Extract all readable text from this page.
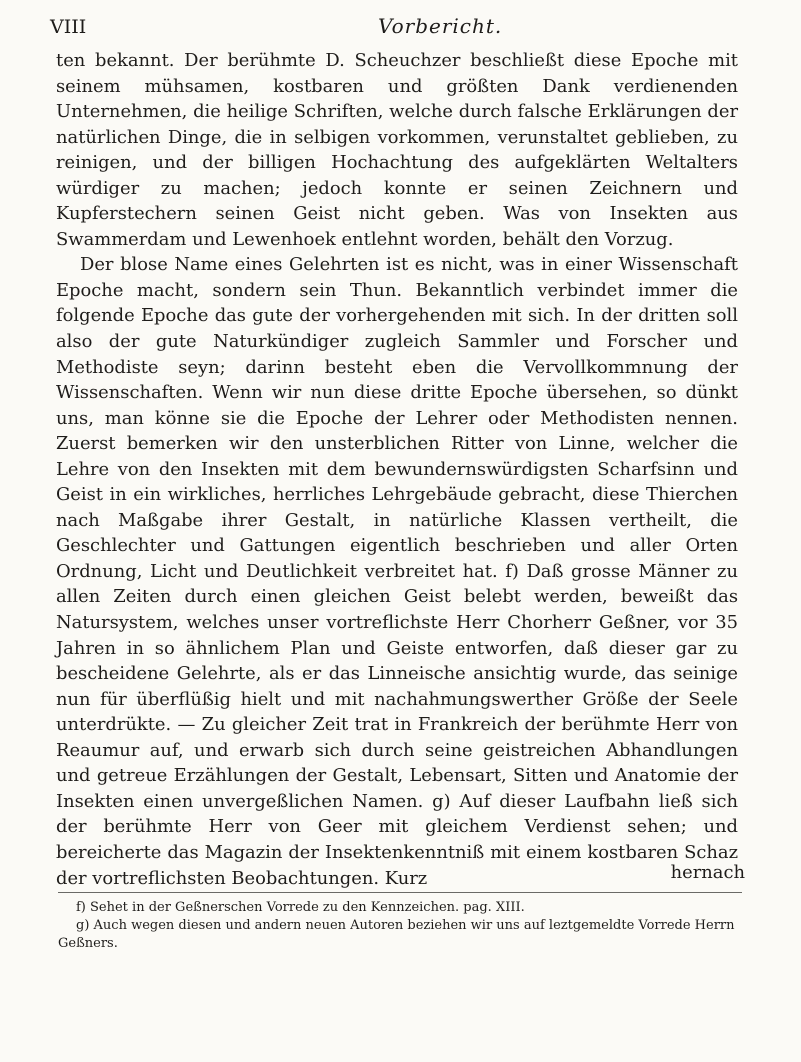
VIII	Vorbericht.

ten bekannt. Der berühmte D. Scheuchzer beschließt diese Epoche mit seinem mühsamen, kostbaren und größten Dank verdienenden Unternehmen, die heilige Schriften, welche durch falsche Erklärungen der natürlichen Dinge, die in selbigen vorkommen, verunstaltet geblieben, zu reinigen, und der billigen Hochachtung des aufgeklärten Weltalters würdiger zu machen; jedoch konnte er seinen Zeichnern und Kupferstechern seinen Geist nicht geben. Was von Insekten aus Swammerdam und Lewenhoek entlehnt worden, behält den Vorzug.

Der blose Name eines Gelehrten ist es nicht, was in einer Wissenschaft Epoche macht, sondern sein Thun. Bekanntlich verbindet immer die folgende Epoche das gute der vorhergehenden mit sich. In der dritten soll also der gute Naturkündiger zugleich Sammler und Forscher und Methodiste seyn; darinn besteht eben die Vervollkommnung der Wissenschaften. Wenn wir nun diese dritte Epoche übersehen, so dünkt uns, man könne sie die Epoche der Lehrer oder Methodisten nennen. Zuerst bemerken wir den unsterblichen Ritter von Linne, welcher die Lehre von den Insekten mit dem bewundernswürdigsten Scharfsinn und Geist in ein wirkliches, herrliches Lehrgebäude gebracht, diese Thierchen nach Maßgabe ihrer Gestalt, in natürliche Klassen vertheilt, die Geschlechter und Gattungen eigentlich beschrieben und aller Orten Ordnung, Licht und Deutlichkeit verbreitet hat. f) Daß grosse Männer zu allen Zeiten durch einen gleichen Geist belebt werden, beweißt das Natursystem, welches unser vortreflichste Herr Chorherr Geßner, vor 35 Jahren in so ähnlichem Plan und Geiste entworfen, daß dieser gar zu bescheidene Gelehrte, als er das Linneische ansichtig wurde, das seinige nun für überflüßig hielt und mit nachahmungswerther Größe der Seele unterdrükte. — Zu gleicher Zeit trat in Frankreich der berühmte Herr von Reaumur auf, und erwarb sich durch seine geistreichen Abhandlungen und getreue Erzählungen der Gestalt, Lebensart, Sitten und Anatomie der Insekten einen unvergeßlichen Namen. g) Auf dieser Laufbahn ließ sich der berühmte Herr von Geer mit gleichem Verdienst sehen; und bereicherte das Magazin der Insektenkenntniß mit einem kostbaren Schaz der vortreflichsten Beobachtungen. Kurz	hernach

f) Sehet in der Geßnerschen Vorrede zu den Kennzeichen. pag. XIII.

g) Auch wegen diesen und andern neuen Autoren beziehen wir uns auf leztgemeldte Vorrede Herrn Geßners.
